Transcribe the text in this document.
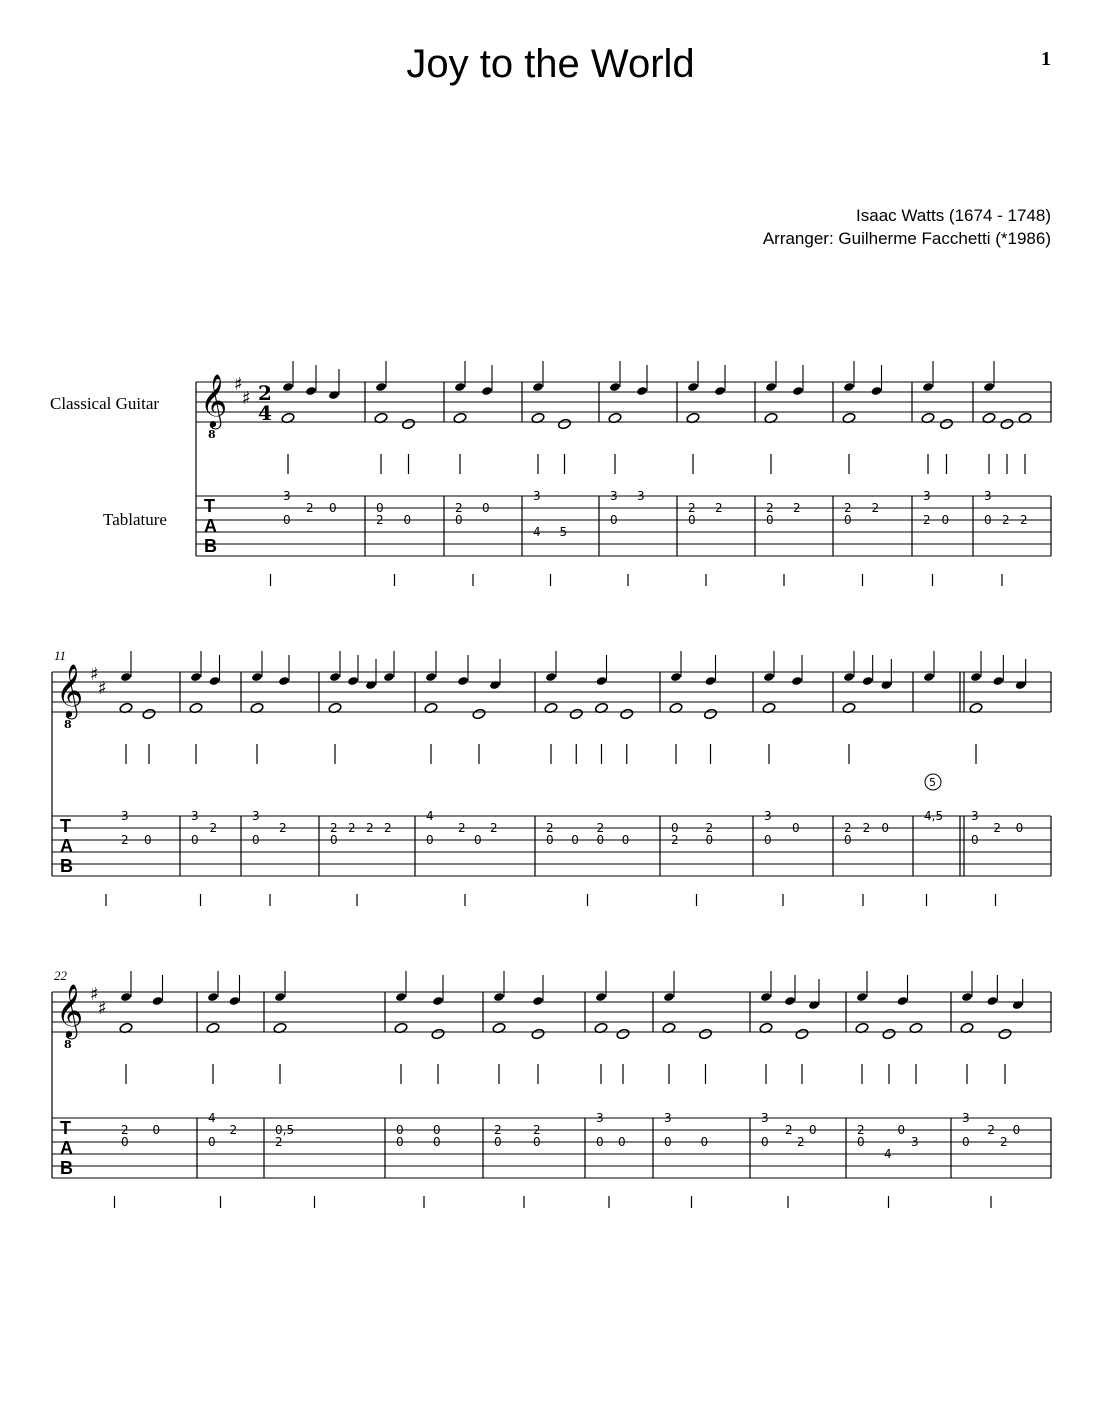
Joy to the World	1
Isaac Watts (1674 - 1748)
Arranger: Guilherme Facchetti (*1986)
Classical Guitar
Tablature
𝄞
8
♯
♯ 2
4
T
A
B
3
2 0
0
0
2 0
2 0
0
3
4 5
3 3
0
2 2
0
2 2
0
2 2
0
3
2 0
3
0 2 2
𝄞
8
♯
♯
T
A
B
11
3
2 0
3
2
0
3
2
0
2 2 2 2
0
4
2 2
0	0
2	2
0 0 0 0
0 2
2 0
3
0
0
2 2 0
0
4,5 3
2 0
0
5
𝄞
8
♯
♯
T
A
B
22
2 0
0
4
2
0
0,5
2
0 0
0 0
2	2
0	0
3
0 0
3
0 0
3
2 0
0 2
2	0
0
4
3
3
2 0
0	2
